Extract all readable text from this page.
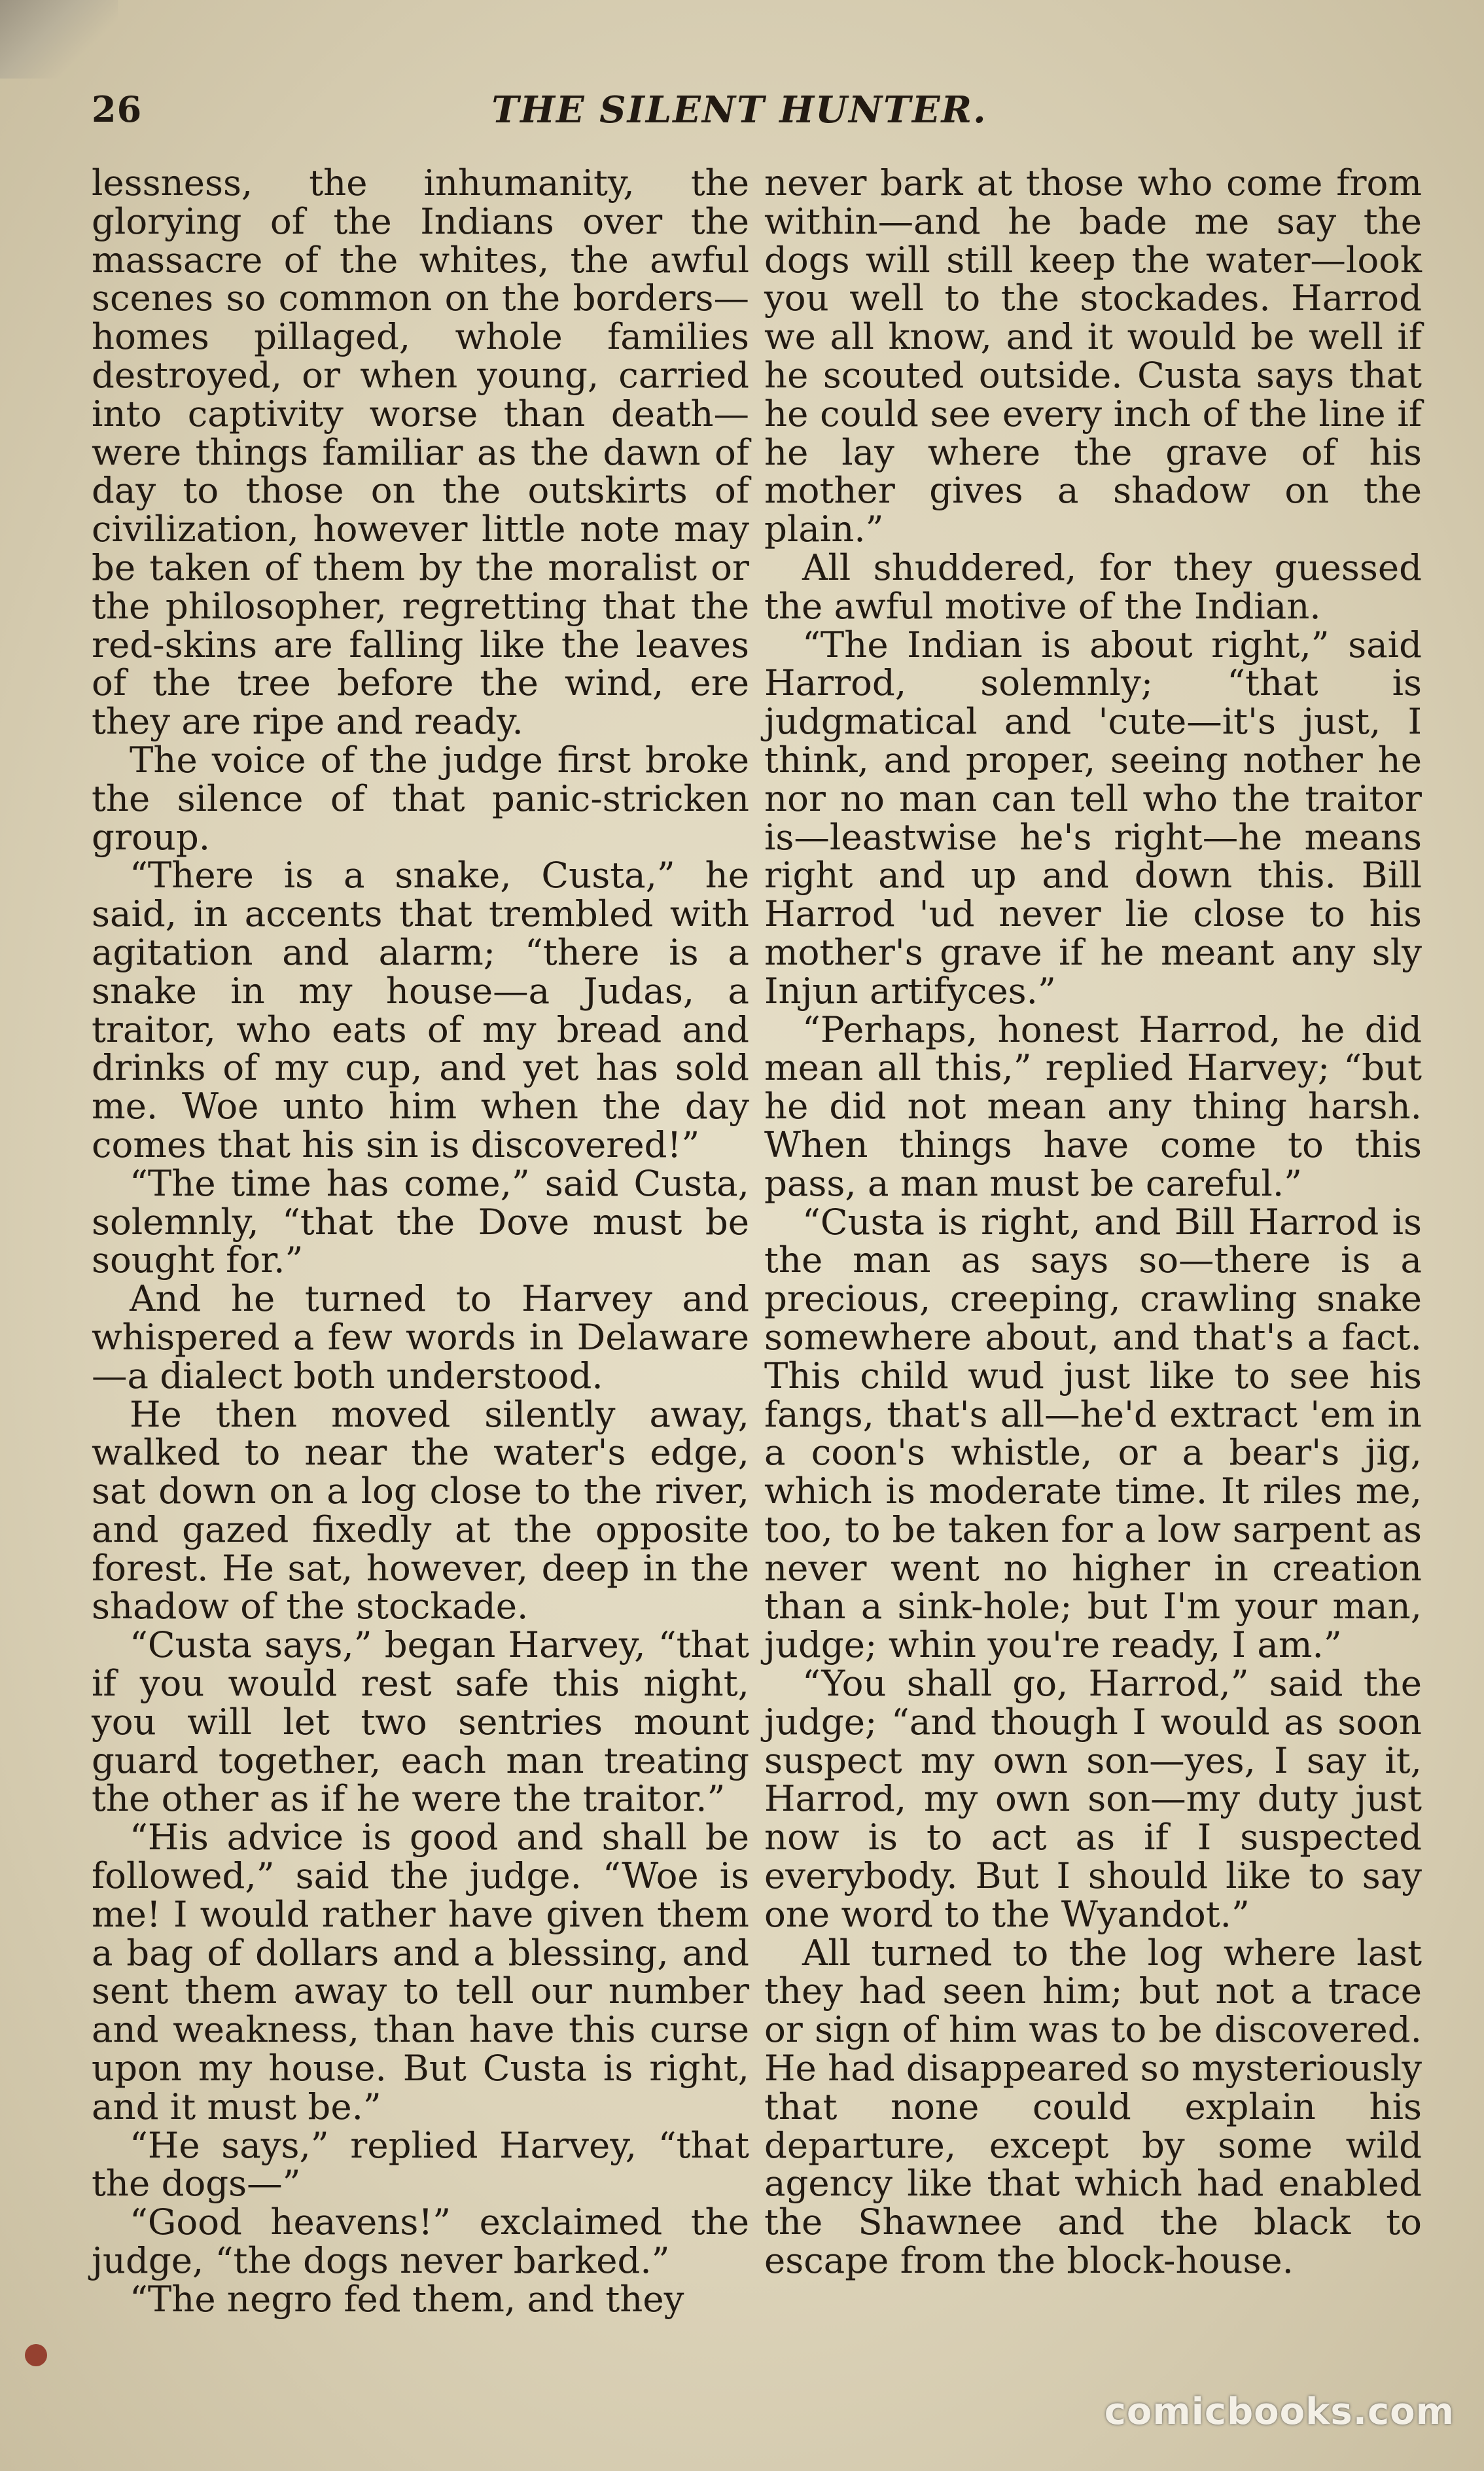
26	THE SILENT HUNTER.

lessness, the inhumanity, the glorying of the Indians over the massacre of the whites, the awful scenes so common on the borders—homes pillaged, whole families destroyed, or when young, carried into captivity worse than death—were things familiar as the dawn of day to those on the outskirts of civilization, however little note may be taken of them by the moralist or the philosopher, regretting that the red-skins are falling like the leaves of the tree before the wind, ere they are ripe and ready.

The voice of the judge first broke the silence of that panic-stricken group.

“There is a snake, Custa,” he said, in accents that trembled with agitation and alarm; “there is a snake in my house—a Judas, a traitor, who eats of my bread and drinks of my cup, and yet has sold me. Woe unto him when the day comes that his sin is discovered!”

“The time has come,” said Custa, solemnly, “that the Dove must be sought for.”

And he turned to Harvey and whispered a few words in Delaware—a dialect both understood.

He then moved silently away, walked to near the water's edge, sat down on a log close to the river, and gazed fixedly at the opposite forest. He sat, however, deep in the shadow of the stockade.

“Custa says,” began Harvey, “that if you would rest safe this night, you will let two sentries mount guard together, each man treating the other as if he were the traitor.”

“His advice is good and shall be followed,” said the judge. “Woe is me! I would rather have given them a bag of dollars and a blessing, and sent them away to tell our number and weakness, than have this curse upon my house. But Custa is right, and it must be.”

“He says,” replied Harvey, “that the dogs—”

“Good heavens!” exclaimed the judge, “the dogs never barked.”

“The negro fed them, and they

never bark at those who come from within—and he bade me say the dogs will still keep the water—look you well to the stockades. Harrod we all know, and it would be well if he scouted outside. Custa says that he could see every inch of the line if he lay where the grave of his mother gives a shadow on the plain.”

All shuddered, for they guessed the awful motive of the Indian.

“The Indian is about right,” said Harrod, solemnly; “that is judgmatical and 'cute—it's just, I think, and proper, seeing nother he nor no man can tell who the traitor is—leastwise he's right—he means right and up and down this. Bill Harrod 'ud never lie close to his mother's grave if he meant any sly Injun artifyces.”

“Perhaps, honest Harrod, he did mean all this,” replied Harvey; “but he did not mean any thing harsh. When things have come to this pass, a man must be careful.”

“Custa is right, and Bill Harrod is the man as says so—there is a precious, creeping, crawling snake somewhere about, and that's a fact. This child wud just like to see his fangs, that's all—he'd extract 'em in a coon's whistle, or a bear's jig, which is moderate time. It riles me, too, to be taken for a low sarpent as never went no higher in creation than a sink-hole; but I'm your man, judge; whin you're ready, I am.”

“You shall go, Harrod,” said the judge; “and though I would as soon suspect my own son—yes, I say it, Harrod, my own son—my duty just now is to act as if I suspected everybody. But I should like to say one word to the Wyandot.”

All turned to the log where last they had seen him; but not a trace or sign of him was to be discovered. He had disappeared so mysteriously that none could explain his departure, except by some wild agency like that which had enabled the Shawnee and the black to escape from the block-house.

comicbooks.com
